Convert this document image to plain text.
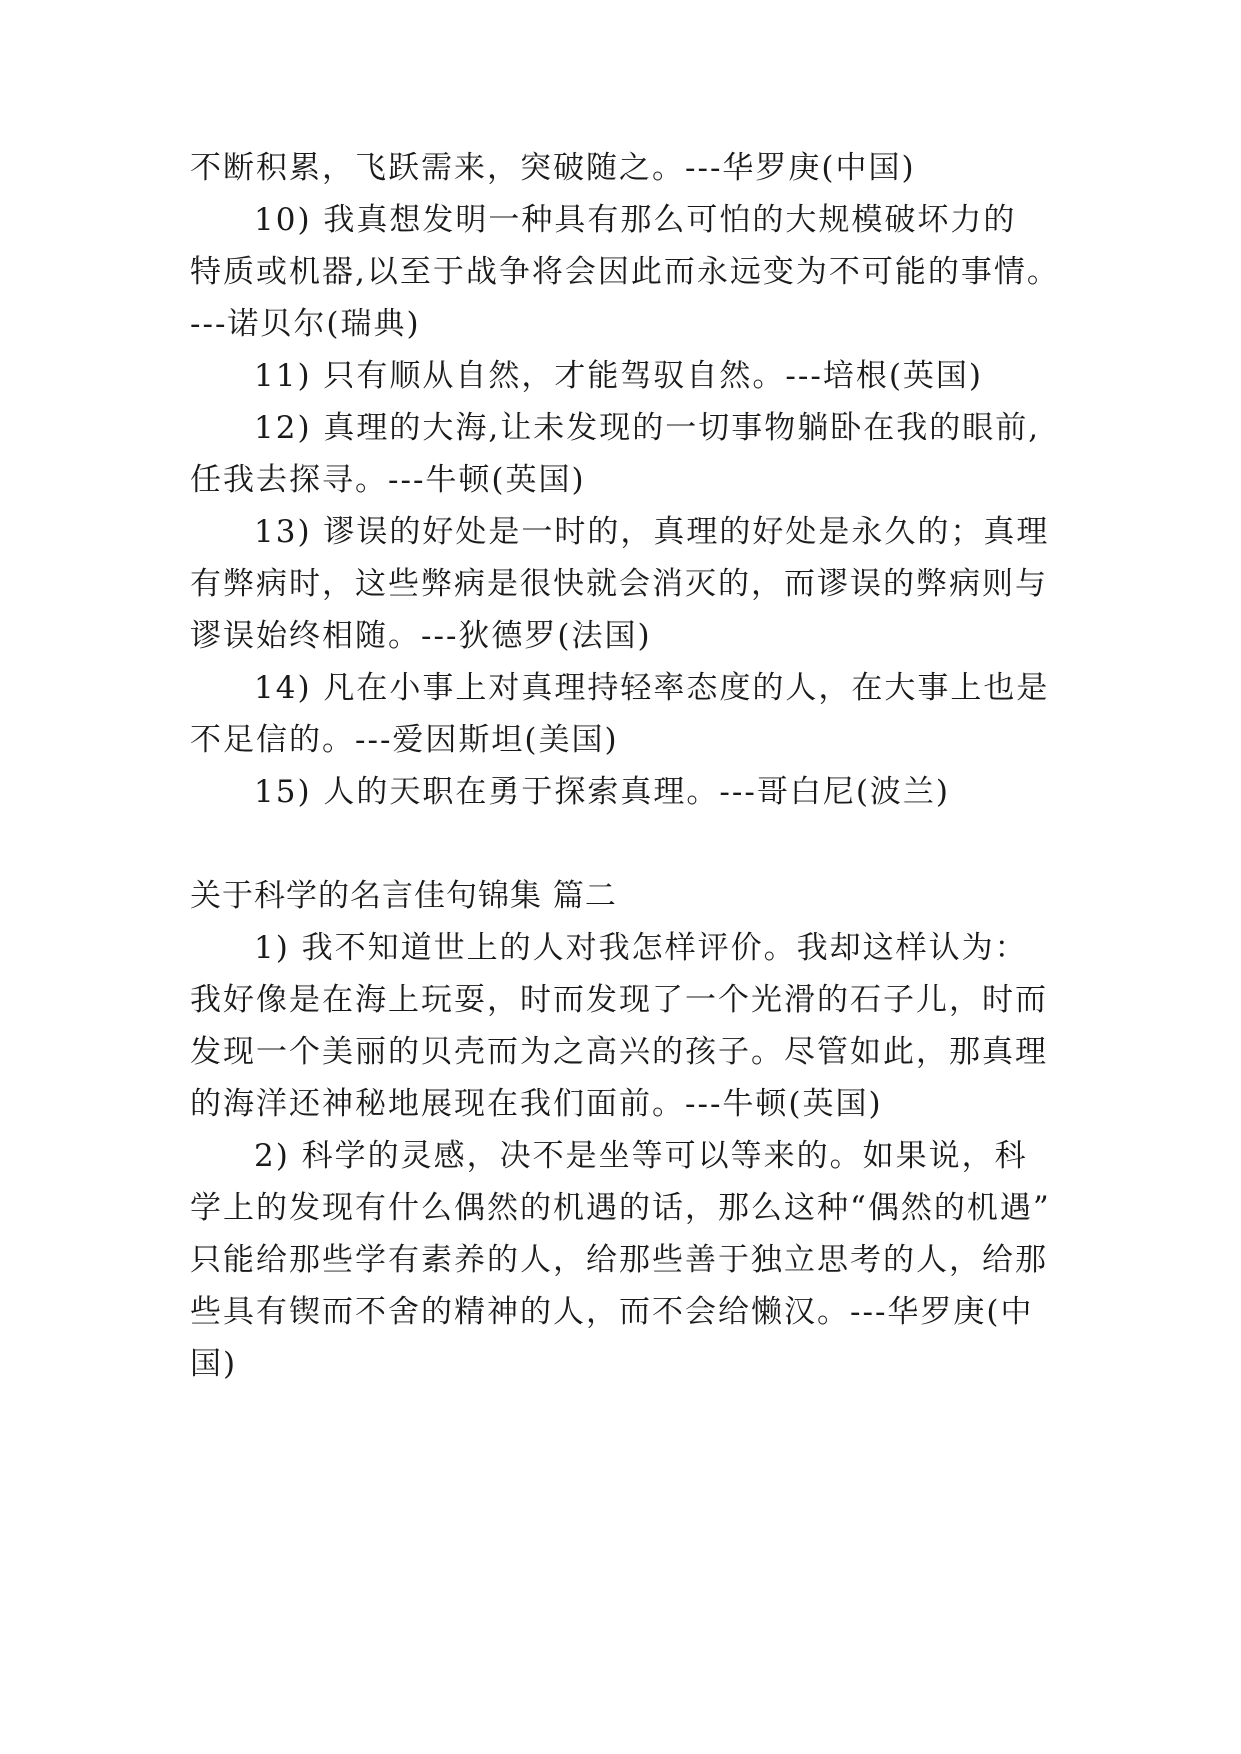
不断积累，飞跃需来，突破随之。---华罗庚(中国)
10) 我真想发明一种具有那么可怕的大规模破坏力的
特质或机器,以至于战争将会因此而永远变为不可能的事情。
---诺贝尔(瑞典)
11) 只有顺从自然，才能驾驭自然。---培根(英国)
12) 真理的大海,让未发现的一切事物躺卧在我的眼前,
任我去探寻。---牛顿(英国)
13) 谬误的好处是一时的，真理的好处是永久的；真理
有弊病时，这些弊病是很快就会消灭的，而谬误的弊病则与
谬误始终相随。---狄德罗(法国)
14) 凡在小事上对真理持轻率态度的人，在大事上也是
不足信的。---爱因斯坦(美国)
15) 人的天职在勇于探索真理。---哥白尼(波兰)
关于科学的名言佳句锦集 篇二
1) 我不知道世上的人对我怎样评价。我却这样认为：
我好像是在海上玩耍，时而发现了一个光滑的石子儿，时而
发现一个美丽的贝壳而为之高兴的孩子。尽管如此，那真理
的海洋还神秘地展现在我们面前。---牛顿(英国)
2) 科学的灵感，决不是坐等可以等来的。如果说，科
学上的发现有什么偶然的机遇的话，那么这种“偶然的机遇”
只能给那些学有素养的人，给那些善于独立思考的人，给那
些具有锲而不舍的精神的人，而不会给懒汉。---华罗庚(中
国)
